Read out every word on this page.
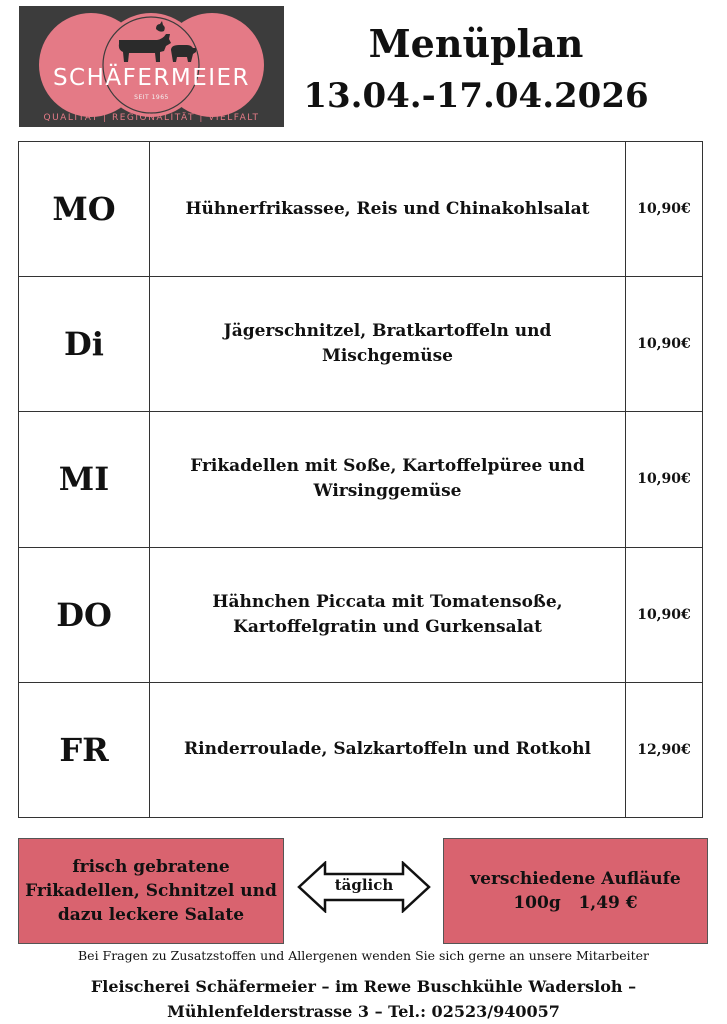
SCHÄFERMEIER
SEIT 1965
QUALITÄT | REGIONALITÄT | VIELFALT
Menüplan
13.04.-17.04.2026
MO	Hühnerfrikassee, Reis und Chinakohlsalat	10,90€
Di	Jägerschnitzel, Bratkartoffeln und Mischgemüse	10,90€
MI	Frikadellen mit Soße, Kartoffelpüree und
Wirsinggemüse	10,90€
DO	Hähnchen Piccata mit Tomatensoße,
Kartoffelgratin und Gurkensalat	10,90€
FR	Rinderroulade, Salzkartoffeln und Rotkohl	12,90€
frisch gebratene
Frikadellen, Schnitzel und
dazu leckere Salate
täglich	verschiedene Aufläufe
100g   1,49 €
Bei Fragen zu Zusatzstoffen und Allergenen wenden Sie sich gerne an unsere Mitarbeiter
Fleischerei Schäfermeier – im Rewe Buschkühle Wadersloh –
Mühlenfelderstrasse 3 – Tel.: 02523/940057
